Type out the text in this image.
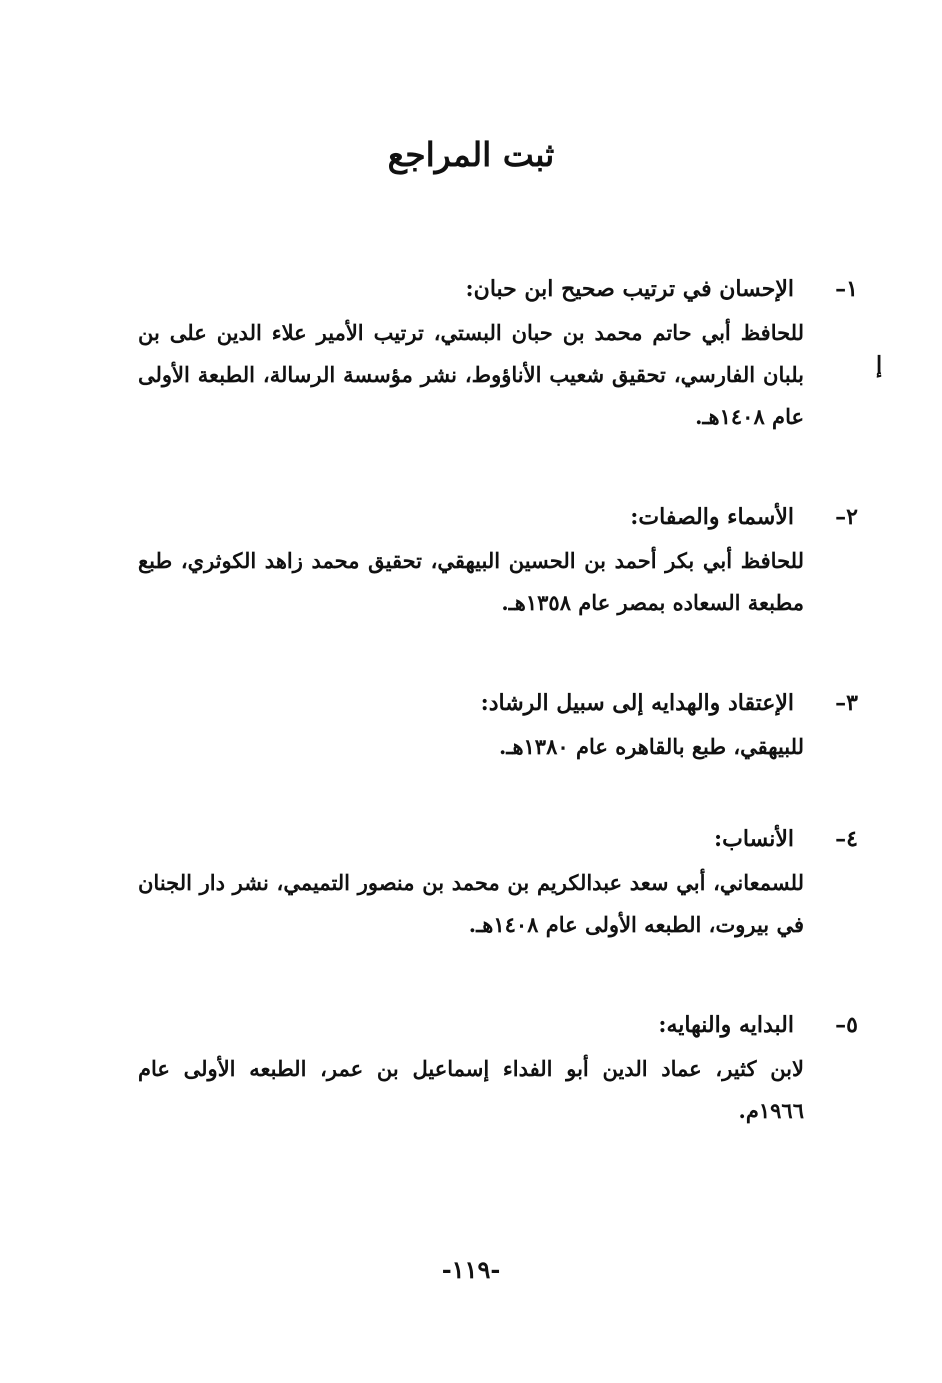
ثبت المراجع
إ
١–
الإحسان في ترتيب صحيح ابن حبان:
للحافظ أبي حاتم محمد بن حبان البستي، ترتيب الأمير علاء الدين على بن بلبان الفارسي، تحقيق شعيب الأناؤوط، نشر مؤسسة الرسالة، الطبعة الأولى عام ١٤٠٨هـ.
٢–
الأسماء والصفات:
للحافظ أبي بكر أحمد بن الحسين البيهقي، تحقيق محمد زاهد الكوثري، طبع مطبعة السعاده بمصر عام ١٣٥٨هـ.
٣–
الإعتقاد والهدايه إلى سبيل الرشاد:
للبيهقي، طبع بالقاهره عام ١٣٨٠هـ.
٤–
الأنساب:
للسمعاني، أبي سعد عبدالكريم بن محمد بن منصور التميمي، نشر دار الجنان في بيروت، الطبعه الأولى عام ١٤٠٨هـ.
٥–
البدايه والنهايه:
لابن كثير، عماد الدين أبو الفداء إسماعيل بن عمر، الطبعه الأولى عام ١٩٦٦م.
-١١٩-
